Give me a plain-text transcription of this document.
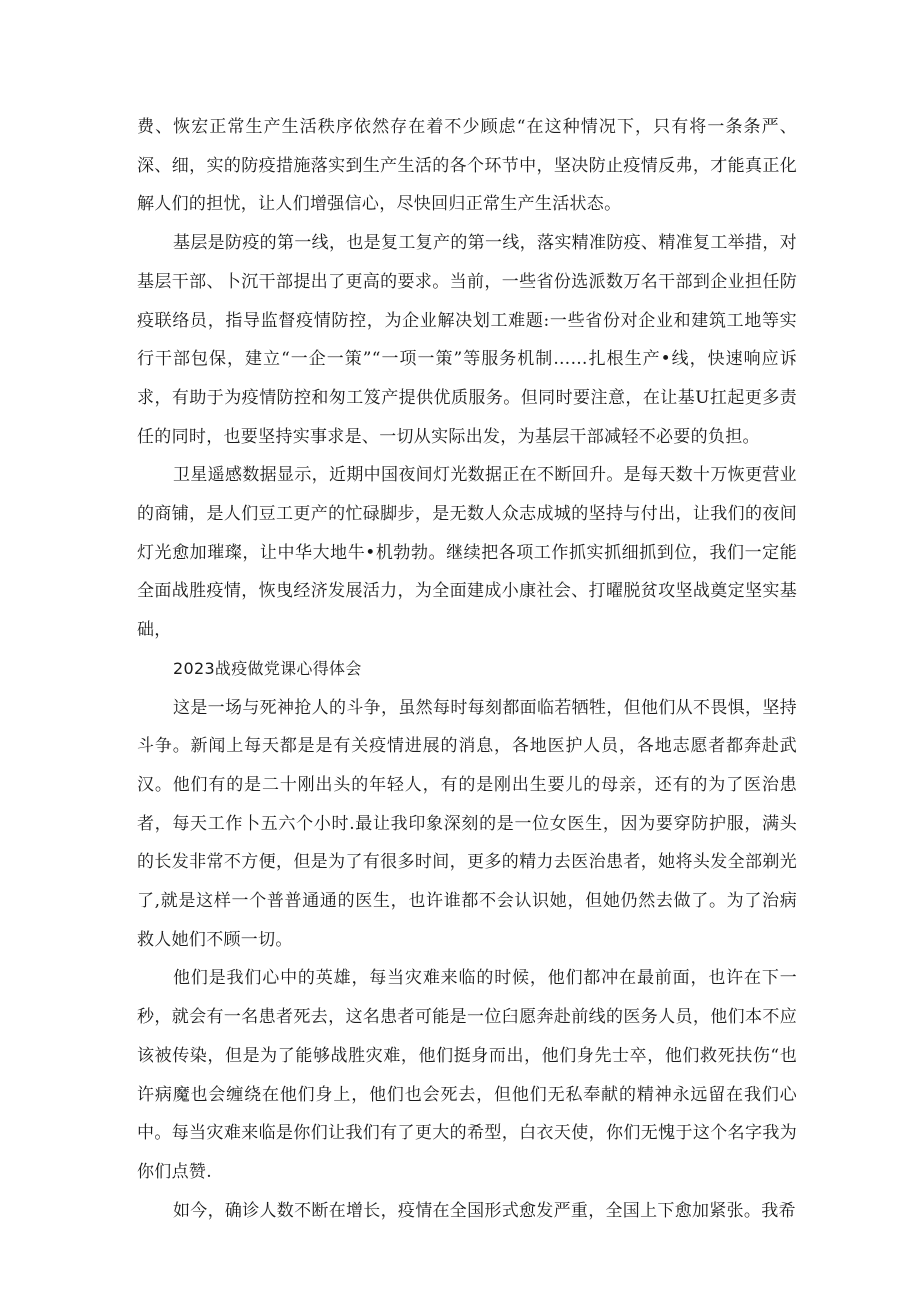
费、恢宏正常生产生活秩序依然存在着不少顾虑“在这种情况下，只有将一条条严、深、细，实的防疫措施落实到生产生活的各个环节中，坚决防止疫情反弗，才能真正化解人们的担忧，让人们增强信心，尽快回归正常生产生活状态。

基层是防疫的第一线，也是复工复产的第一线，落实精准防疫、精准复工举措，对基层干部、卜沉干部提出了更高的要求。当前，一些省份选派数万名干部到企业担任防疫联络员，指导监督疫情防控，为企业解决划工难题:一些省份对企业和建筑工地等实行干部包保，建立“一企一策”“一项一策”等服务机制……扎根生产•线，快速响应诉求，有助于为疫情防控和匆工笈产提供优质服务。但同时要注意，在让基U扛起更多责任的同时，也要坚持实事求是、一切从实际出发，为基层干部减轻不必要的负担。

卫星遥感数据显示，近期中国夜间灯光数据正在不断回升。是每天数十万恢更营业的商铺，是人们豆工更产的忙碌脚步，是无数人众志成城的坚持与付出，让我们的夜间灯光愈加璀璨，让中华大地牛•机勃勃。继续把各项工作抓实抓细抓到位，我们一定能全面战胜疫情，恢曳经济发展活力，为全面建成小康社会、打曜脱贫攻坚战奠定坚实基础，

2023战疫做党课心得体会

这是一场与死神抢人的斗争，虽然每时每刻都面临若牺牲，但他们从不畏惧，坚持斗争。新闻上每天都是是有关疫情进展的消息，各地医护人员，各地志愿者都奔赴武汉。他们有的是二十刚出头的年轻人，有的是刚出生要儿的母亲，还有的为了医治患者，每天工作卜五六个小时.最让我印象深刻的是一位女医生，因为要穿防护服，满头的长发非常不方便，但是为了有很多时间，更多的精力去医治患者，她将头发全部剃光了,就是这样一个普普通通的医生，也许谁都不会认识她，但她仍然去做了。为了治病救人她们不顾一切。

他们是我们心中的英雄，每当灾难来临的时候，他们都冲在最前面，也许在下一秒，就会有一名患者死去，这名患者可能是一位臼愿奔赴前线的医务人员，他们本不应该被传染，但是为了能够战胜灾难，他们挺身而出，他们身先士卒，他们救死扶伤“也许病魔也会缠绕在他们身上，他们也会死去，但他们无私奉献的精神永远留在我们心中。每当灾难来临是你们让我们有了更大的希型，白衣天使，你们无愧于这个名字我为你们点赞.

如今，确诊人数不断在增长，疫情在全国形式愈发严重，全国上下愈加紧张。我希
